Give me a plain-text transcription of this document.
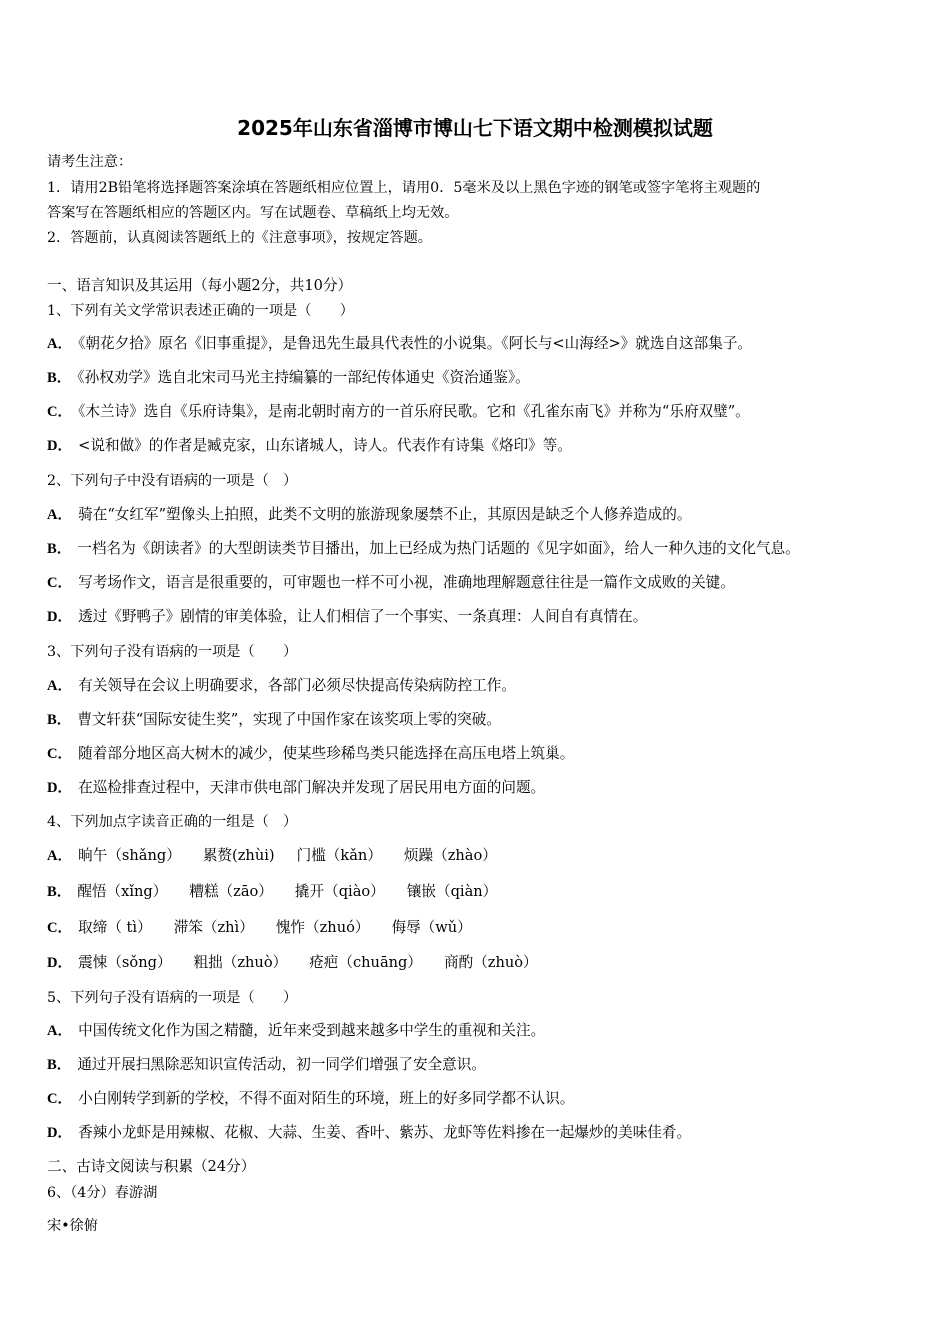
2025年山东省淄博市博山七下语文期中检测模拟试题
请考生注意：
1．请用2B铅笔将选择题答案涂填在答题纸相应位置上，请用0．5毫米及以上黑色字迹的钢笔或签字笔将主观题的
答案写在答题纸相应的答题区内。写在试题卷、草稿纸上均无效。
2．答题前，认真阅读答题纸上的《注意事项》，按规定答题。
一、语言知识及其运用（每小题2分，共10分）
1、下列有关文学常识表述正确的一项是（　　）
A． 《朝花夕拾》原名《旧事重提》，是鲁迅先生最具代表性的小说集。《阿长与<山海经>》就选自这部集子。
B． 《孙权劝学》选自北宋司马光主持编纂的一部纪传体通史《资治通鉴》。
C． 《木兰诗》选自《乐府诗集》，是南北朝时南方的一首乐府民歌。它和《孔雀东南飞》并称为“乐府双璧”。
D． <说和做》的作者是臧克家，山东诸城人，诗人。代表作有诗集《烙印》等。
2、下列句子中没有语病的一项是（　）
A． 骑在“女红军”塑像头上拍照，此类不文明的旅游现象屡禁不止，其原因是缺乏个人修养造成的。
B． 一档名为《朗读者》的大型朗读类节目播出，加上已经成为热门话题的《见字如面》，给人一种久违的文化气息。
C． 写考场作文，语言是很重要的，可审题也一样不可小视，准确地理解题意往往是一篇作文成败的关键。
D． 透过《野鸭子》剧情的审美体验，让人们相信了一个事实、一条真理：人间自有真情在。
3、下列句子没有语病的一项是（　　）
A． 有关领导在会议上明确要求，各部门必须尽快提高传染病防控工作。
B． 曹文轩获“国际安徒生奖”，实现了中国作家在该奖项上零的突破。
C． 随着部分地区高大树木的减少，使某些珍稀鸟类只能选择在高压电塔上筑巢。
D． 在巡检排查过程中，天津市供电部门解决并发现了居民用电方面的问题。
4、下列加点字读音正确的一组是（　）
A． 晌午（shǎng） 累赘(zhùi) 门槛（kǎn） 烦躁（zhào）
B． 醒悟（xǐng） 糟糕（zāo） 撬开（qiào） 镶嵌（qiàn）
C． 取缔（ tì） 滞笨（zhì） 愧怍（zhuó） 侮辱（wǔ）
D． 震悚（sǒng） 粗拙（zhuò） 疮疤（chuāng） 商酌（zhuò）
5、下列句子没有语病的一项是（　　）
A． 中国传统文化作为国之精髓，近年来受到越来越多中学生的重视和关注。
B． 通过开展扫黑除恶知识宣传活动，初一同学们增强了安全意识。
C． 小白刚转学到新的学校，不得不面对陌生的环境，班上的好多同学都不认识。
D． 香辣小龙虾是用辣椒、花椒、大蒜、生姜、香叶、紫苏、龙虾等佐料掺在一起爆炒的美味佳肴。
二、古诗文阅读与积累（24分）
6、（4分）春游湖
宋•徐俯
